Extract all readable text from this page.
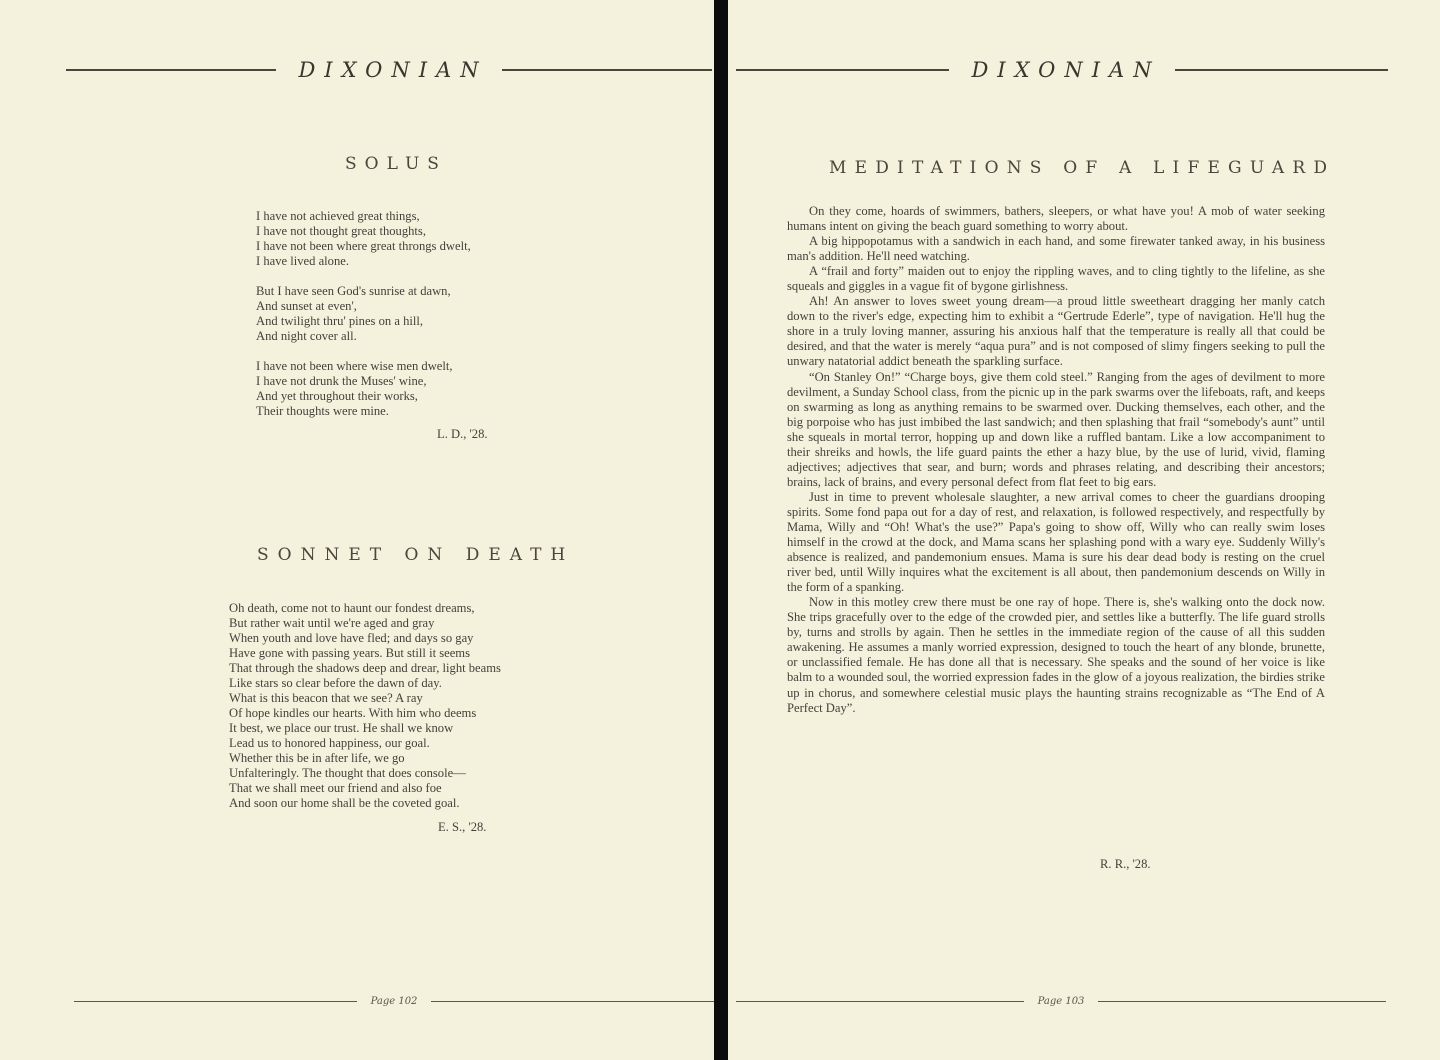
DIXONIAN
SOLUS
I have not achieved great things,
I have not thought great thoughts,
I have not been where great throngs dwelt,
I have lived alone.
But I have seen God's sunrise at dawn,
And sunset at even',
And twilight thru' pines on a hill,
And night cover all.
I have not been where wise men dwelt,
I have not drunk the Muses' wine,
And yet throughout their works,
Their thoughts were mine.
L. D., '28.
SONNET ON DEATH
Oh death, come not to haunt our fondest dreams,
But rather wait until we're aged and gray
When youth and love have fled; and days so gay
Have gone with passing years. But still it seems
That through the shadows deep and drear, light beams
Like stars so clear before the dawn of day.
What is this beacon that we see? A ray
Of hope kindles our hearts. With him who deems
It best, we place our trust. He shall we know
Lead us to honored happiness, our goal.
Whether this be in after life, we go
Unfalteringly. The thought that does console—
That we shall meet our friend and also foe
And soon our home shall be the coveted goal.
E. S., '28.
Page 102
DIXONIAN
MEDITATIONS OF A LIFEGUARD

On they come, hoards of swimmers, bathers, sleepers, or what have you! A mob of water seeking humans intent on giving the beach guard something to worry about.

A big hippopotamus with a sandwich in each hand, and some firewater tanked away, in his business man's addition. He'll need watching.

A “frail and forty” maiden out to enjoy the rippling waves, and to cling tightly to the lifeline, as she squeals and giggles in a vague fit of bygone girlishness.

Ah! An answer to loves sweet young dream—a proud little sweetheart dragging her manly catch down to the river's edge, expecting him to exhibit a “Gertrude Ederle”, type of navigation. He'll hug the shore in a truly loving manner, assuring his anxious half that the temperature is really all that could be desired, and that the water is merely “aqua pura” and is not composed of slimy fingers seeking to pull the unwary natatorial addict beneath the sparkling surface.

“On Stanley On!” “Charge boys, give them cold steel.” Ranging from the ages of devilment to more devilment, a Sunday School class, from the picnic up in the park swarms over the lifeboats, raft, and keeps on swarming as long as anything remains to be swarmed over. Ducking themselves, each other, and the big porpoise who has just imbibed the last sandwich; and then splashing that frail “somebody's aunt” until she squeals in mortal terror, hopping up and down like a ruffled bantam. Like a low accompaniment to their shreiks and howls, the life guard paints the ether a hazy blue, by the use of lurid, vivid, flaming adjectives; adjectives that sear, and burn; words and phrases relating, and describing their ancestors; brains, lack of brains, and every personal defect from flat feet to big ears.

Just in time to prevent wholesale slaughter, a new arrival comes to cheer the guardians drooping spirits. Some fond papa out for a day of rest, and relaxation, is followed respectively, and respectfully by Mama, Willy and “Oh! What's the use?” Papa's going to show off, Willy who can really swim loses himself in the crowd at the dock, and Mama scans her splashing pond with a wary eye. Suddenly Willy's absence is realized, and pandemonium ensues. Mama is sure his dear dead body is resting on the cruel river bed, until Willy inquires what the excitement is all about, then pandemonium descends on Willy in the form of a spanking.

Now in this motley crew there must be one ray of hope. There is, she's walking onto the dock now. She trips gracefully over to the edge of the crowded pier, and settles like a butterfly. The life guard strolls by, turns and strolls by again. Then he settles in the immediate region of the cause of all this sudden awakening. He assumes a manly worried expression, designed to touch the heart of any blonde, brunette, or unclassified female. He has done all that is necessary. She speaks and the sound of her voice is like balm to a wounded soul, the worried expression fades in the glow of a joyous realization, the birdies strike up in chorus, and somewhere celestial music plays the haunting strains recognizable as “The End of A Perfect Day”.

R. R., '28.
Page 103
